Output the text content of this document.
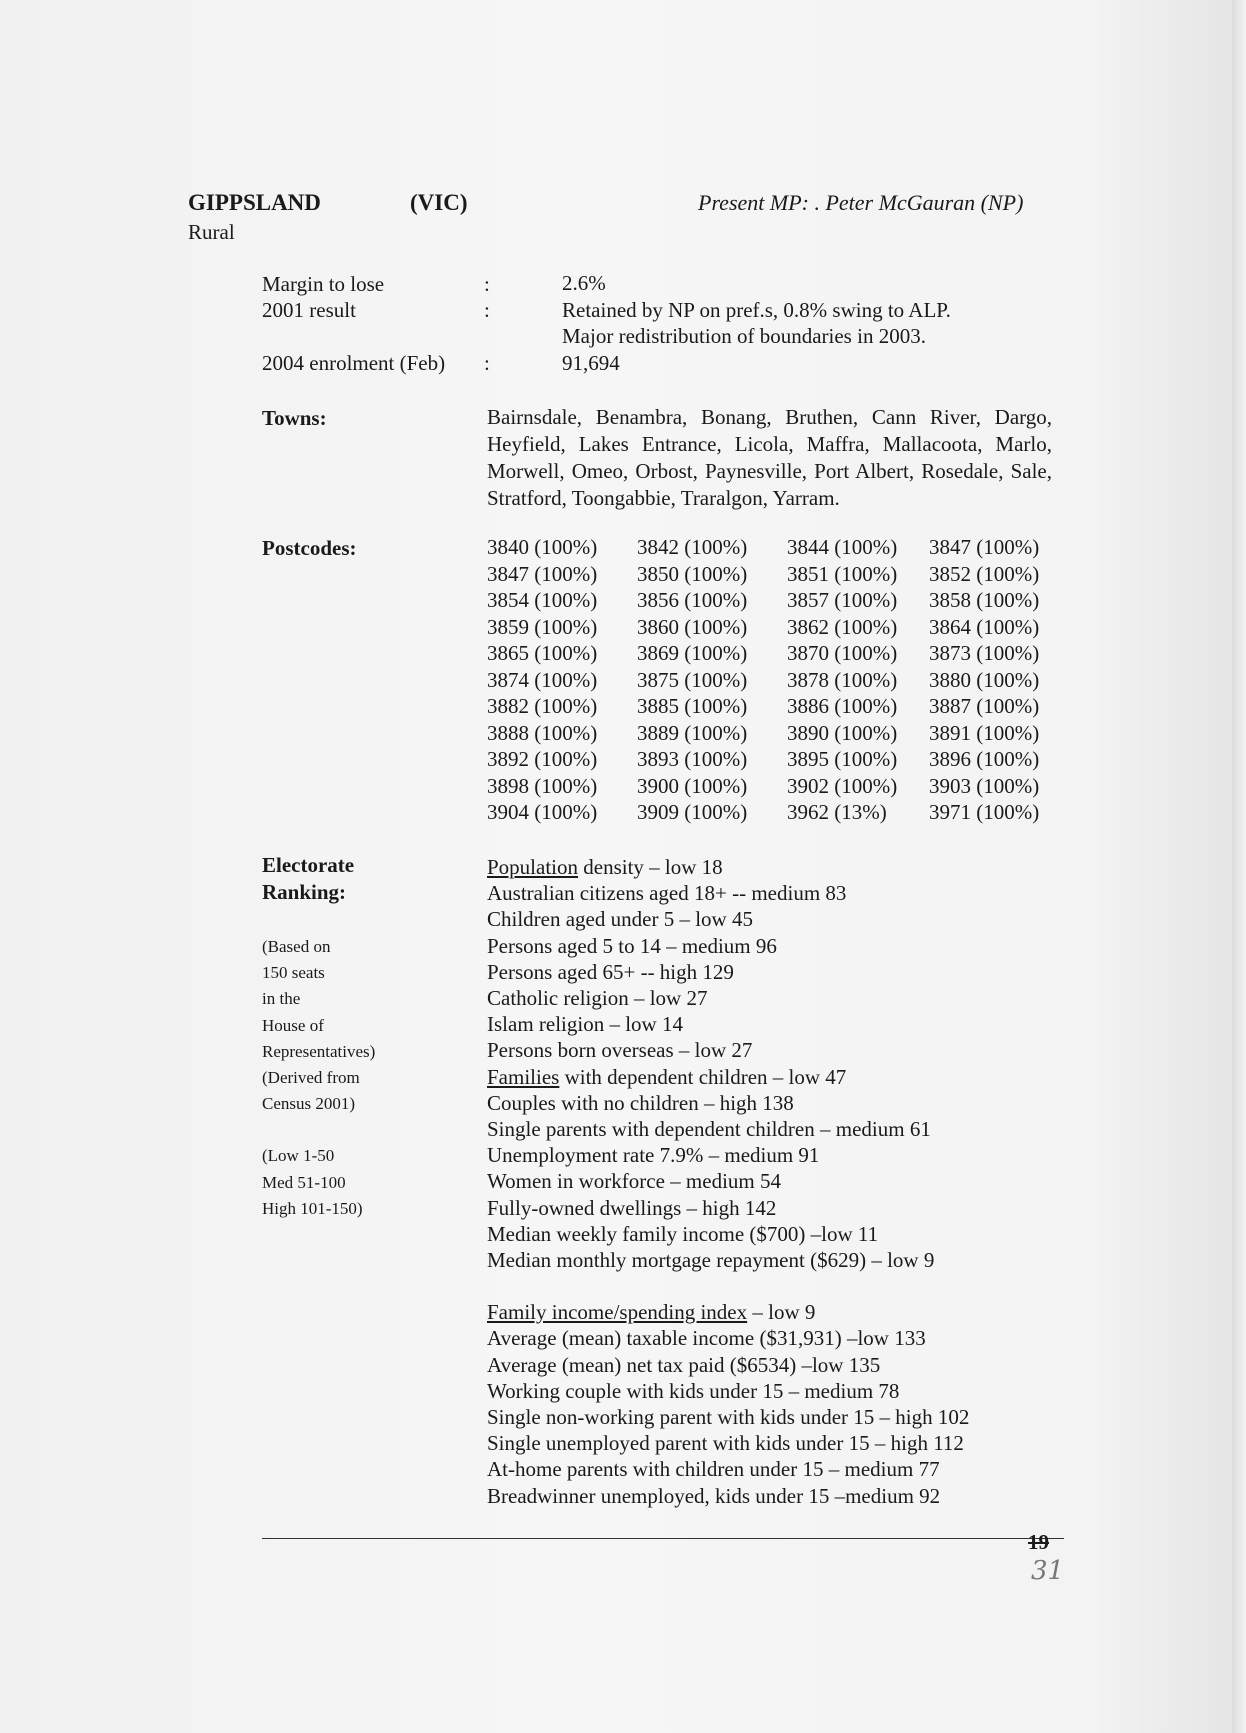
GIPPSLAND	(VIC)	Present MP: . Peter McGauran (NP)
Rural
Margin to lose	:	2.6%
2001 result	:	Retained by NP on pref.s, 0.8% swing to ALP.
Major redistribution of boundaries in 2003.
2004 enrolment (Feb) :	91,694
Towns:	Bairnsdale, Benambra, Bonang, Bruthen, Cann River, Dargo, Heyfield, Lakes Entrance, Licola, Maffra, Mallacoota, Marlo, Morwell, Omeo, Orbost, Paynesville, Port Albert, Rosedale, Sale, Stratford, Toongabbie, Traralgon, Yarram.
Postcodes:	3840 (100%)	3842 (100%)	3844 (100%)	3847 (100%)
3847 (100%)	3850 (100%)	3851 (100%)	3852 (100%)
3854 (100%)	3856 (100%)	3857 (100%)	3858 (100%)
3859 (100%)	3860 (100%)	3862 (100%)	3864 (100%)
3865 (100%)	3869 (100%)	3870 (100%)	3873 (100%)
3874 (100%)	3875 (100%)	3878 (100%)	3880 (100%)
3882 (100%)	3885 (100%)	3886 (100%)	3887 (100%)
3888 (100%)	3889 (100%)	3890 (100%)	3891 (100%)
3892 (100%)	3893 (100%)	3895 (100%)	3896 (100%)
3898 (100%)	3900 (100%)	3902 (100%)	3903 (100%)
3904 (100%)	3909 (100%)	3962 (13%)	3971 (100%)
Electorate
Ranking:
(Based on
150 seats
in the
House of
Representatives)
(Derived from
Census 2001)
(Low 1-50
Med 51-100
High 101-150)
Population density – low 18
Australian citizens aged 18+ -- medium 83
Children aged under 5 – low 45
Persons aged 5 to 14 – medium 96
Persons aged 65+ -- high 129
Catholic religion – low 27
Islam religion – low 14
Persons born overseas – low 27
Families with dependent children – low 47
Couples with no children – high 138
Single parents with dependent children – medium 61
Unemployment rate 7.9% – medium 91
Women in workforce – medium 54
Fully-owned dwellings – high 142
Median weekly family income ($700) –low 11
Median monthly mortgage repayment ($629) – low 9
Family income/spending index – low 9
Average (mean) taxable income ($31,931) –low 133
Average (mean) net tax paid ($6534) –low 135
Working couple with kids under 15 – medium 78
Single non-working parent with kids under 15 – high 102
Single unemployed parent with kids under 15 – high 112
At-home parents with children under 15 – medium 77
Breadwinner unemployed, kids under 15 –medium 92
19
31
